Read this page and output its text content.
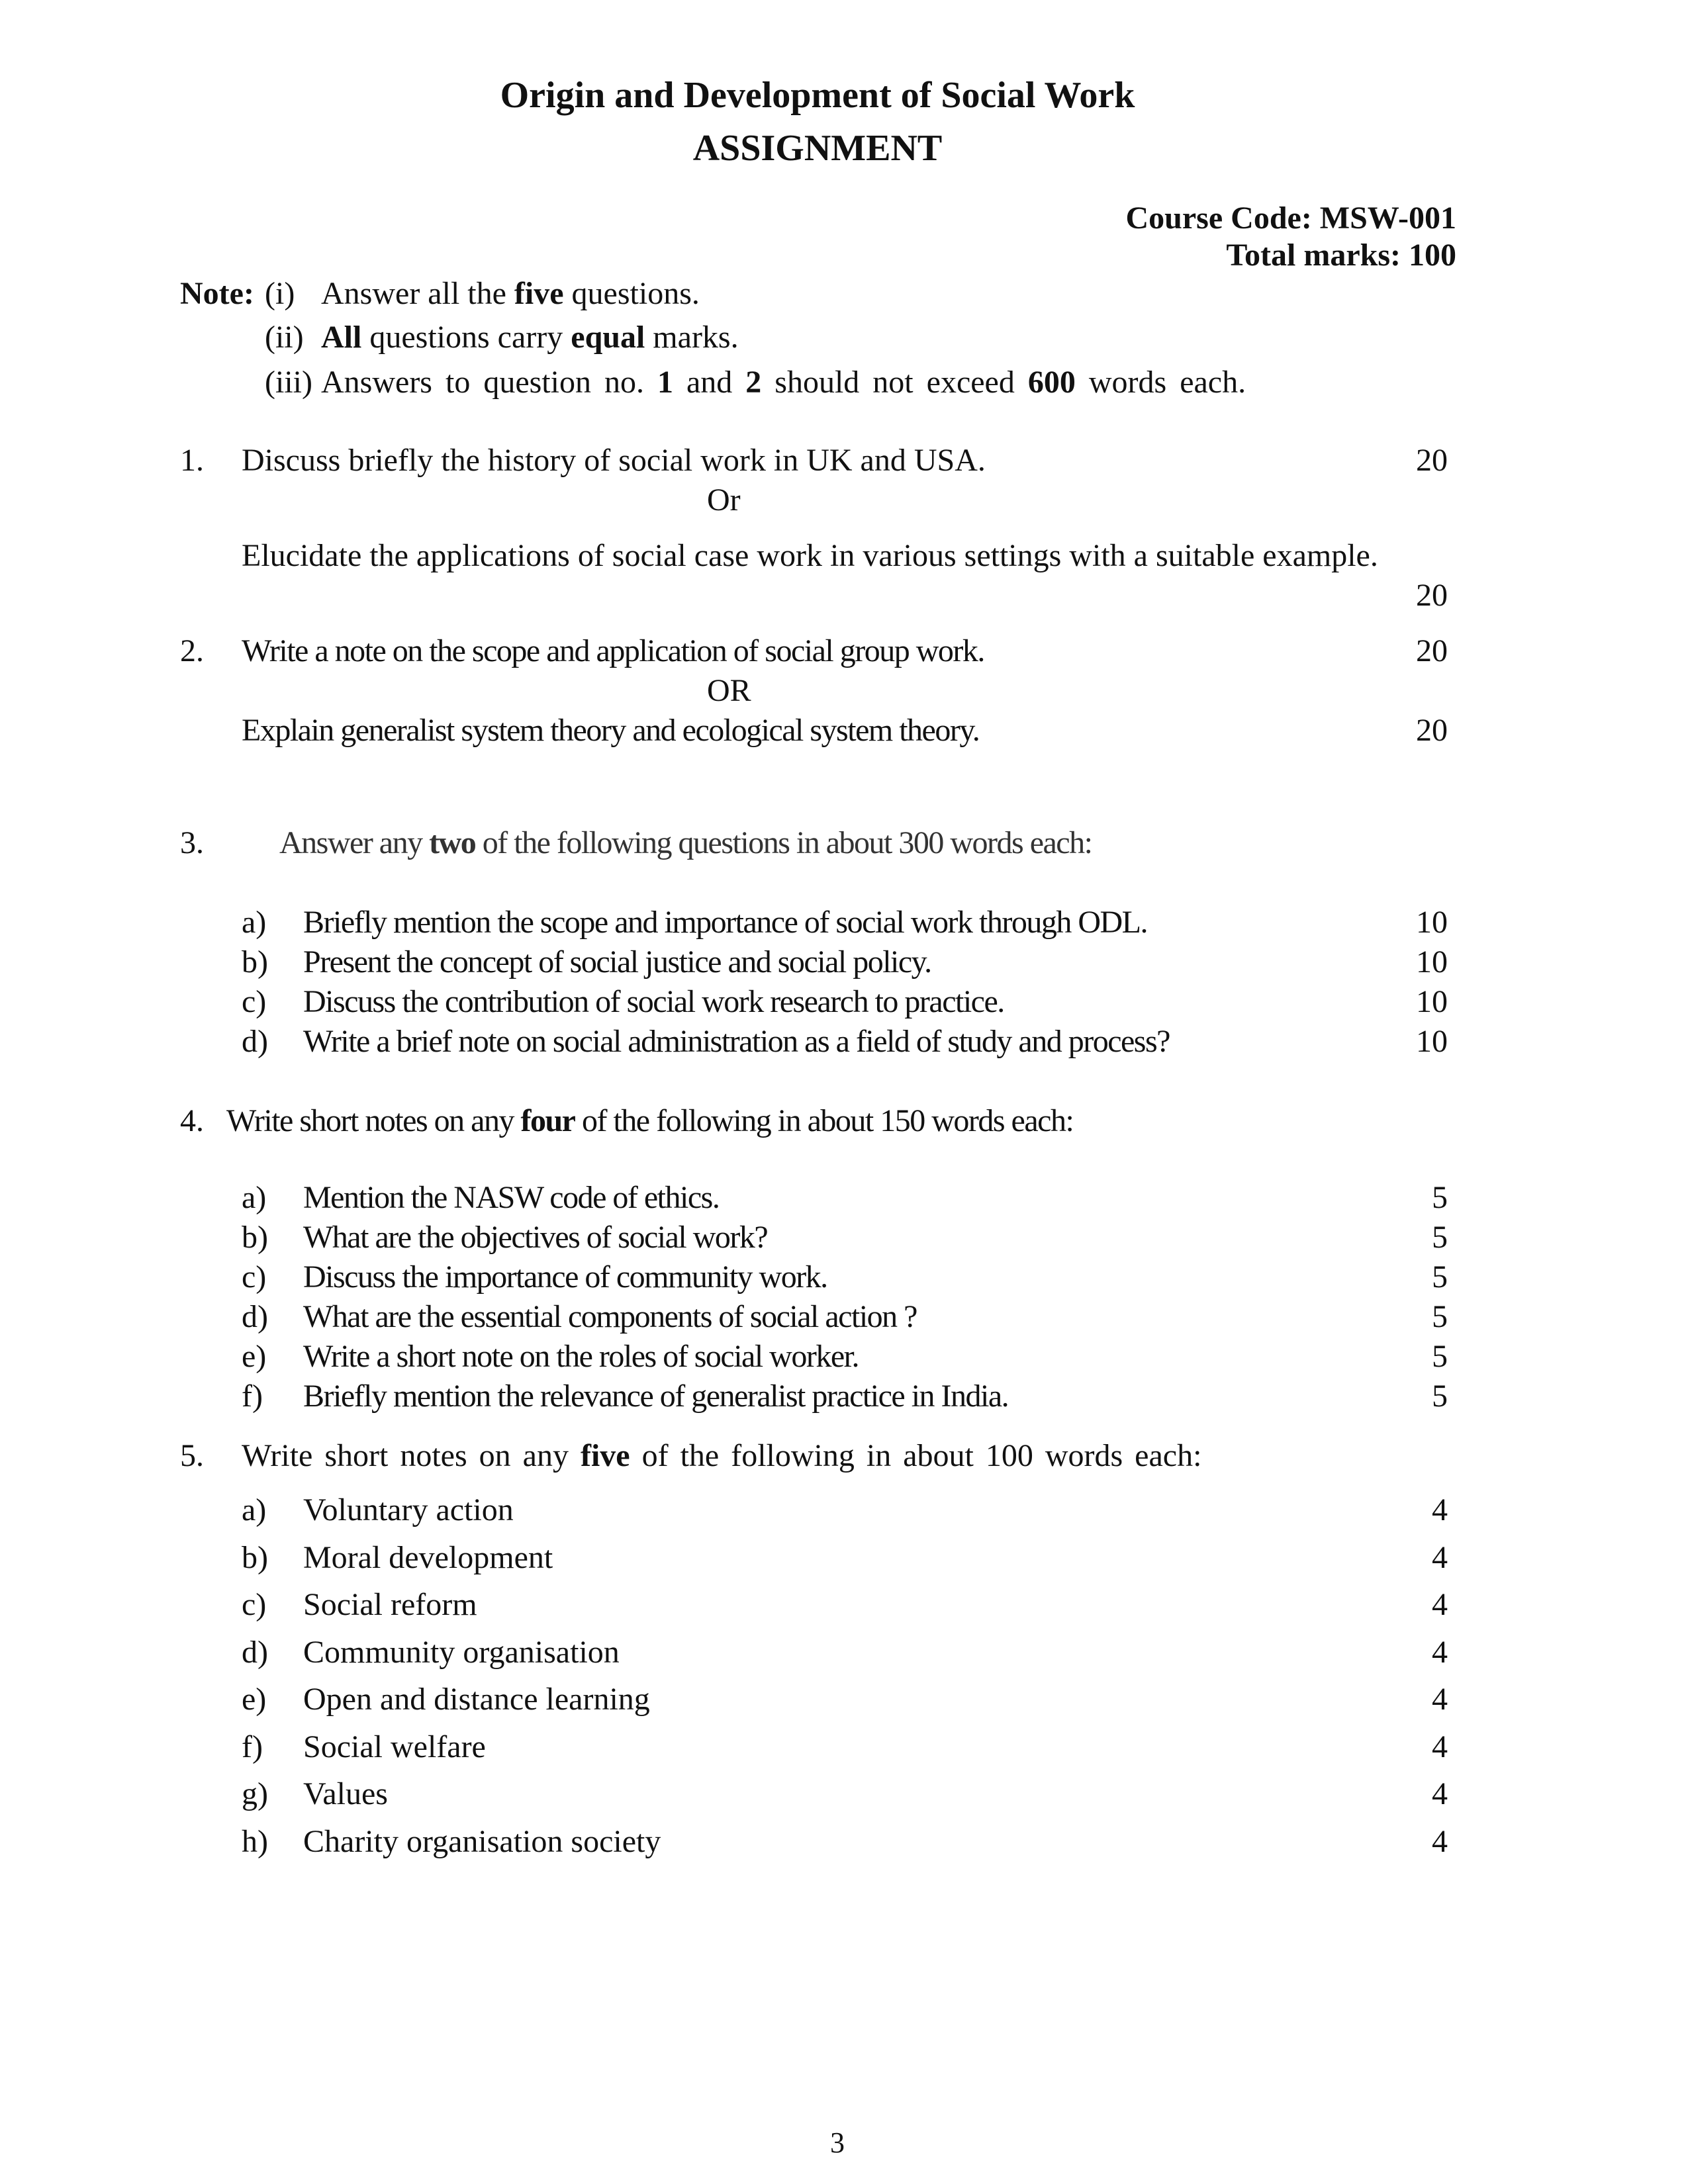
Origin and Development of Social Work
ASSIGNMENT
Course Code: MSW-001
Total marks: 100
Note: (i) Answer all the five questions.
(ii) All questions carry equal marks.
(iii) Answers to question no. 1 and 2 should not exceed 600 words each.
1. Discuss briefly the history of social work in UK and USA.	20
Or
Elucidate the applications of social case work in various settings with a suitable example.
20
2. Write a note on the scope and application of social group work.	20
OR
Explain generalist system theory and ecological system theory.	20
3. Answer any two of the following questions in about 300 words each:
a) Briefly mention the scope and importance of social work through ODL.	10
b) Present the concept of social justice and social policy.	10
c) Discuss the contribution of social work research to practice.	10
d) Write a brief note on social administration as a field of study and process?	10
4. Write short notes on any four of the following in about 150 words each:
a) Mention the NASW code of ethics.	5
b) What are the objectives of social work?	5
c) Discuss the importance of community work.	5
d) What are the essential components of social action ?	5
e) Write a short note on the roles of social worker.	5
f) Briefly mention the relevance of generalist practice in India.	5
5. Write short notes on any five of the following in about 100 words each:
a) Voluntary action	4
b) Moral development	4
c) Social reform	4
d) Community organisation	4
e) Open and distance learning	4
f) Social welfare	4
g) Values	4
h) Charity organisation society	4
3
